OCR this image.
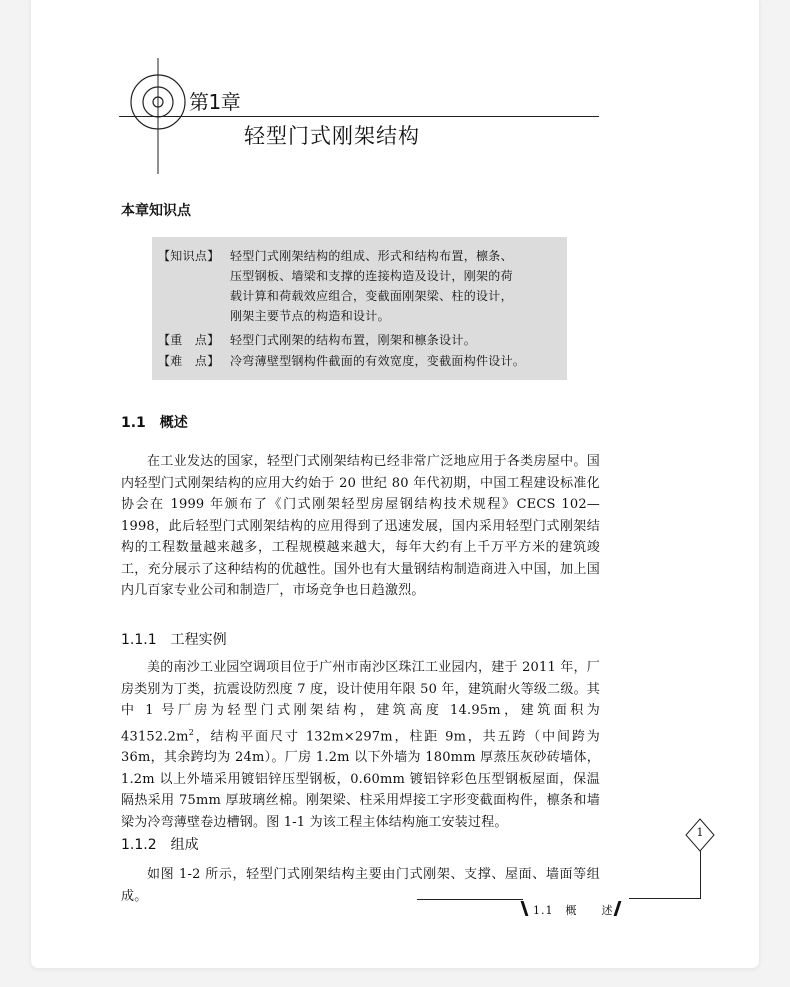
第1章
轻型门式刚架结构
本章知识点
【知识点】 轻型门式刚架结构的组成、形式和结构布置，檩条、
压型钢板、墙梁和支撑的连接构造及设计，刚架的荷
载计算和荷载效应组合，变截面刚架梁、柱的设计，
刚架主要节点的构造和设计。
【重　点】 轻型门式刚架的结构布置，刚架和檩条设计。
【难　点】 冷弯薄壁型钢构件截面的有效宽度，变截面构件设计。
1.1　概述

在工业发达的国家，轻型门式刚架结构已经非常广泛地应用于各类房屋中。国内轻型门式刚架结构的应用大约始于 20 世纪 80 年代初期，中国工程建设标准化协会在 1999 年颁布了《门式刚架轻型房屋钢结构技术规程》CECS 102—1998，此后轻型门式刚架结构的应用得到了迅速发展，国内采用轻型门式刚架结构的工程数量越来越多，工程规模越来越大，每年大约有上千万平方米的建筑竣工，充分展示了这种结构的优越性。国外也有大量钢结构制造商进入中国，加上国内几百家专业公司和制造厂，市场竞争也日趋激烈。

1.1.1　工程实例

美的南沙工业园空调项目位于广州市南沙区珠江工业园内，建于 2011 年，厂房类别为丁类，抗震设防烈度 7 度，设计使用年限 50 年，建筑耐火等级二级。其中 1 号厂房为轻型门式刚架结构，建筑高度 14.95m，建筑面积为 $43152.2m^2$，结构平面尺寸 132m×297m，柱距 9m，共五跨（中间跨为 36m，其余跨均为 24m）。厂房 1.2m 以下外墙为 180mm 厚蒸压灰砂砖墙体，1.2m 以上外墙采用镀铝锌压型钢板，0.60mm 镀铝锌彩色压型钢板屋面，保温隔热采用 75mm 厚玻璃丝棉。刚架梁、柱采用焊接工字形变截面构件，檩条和墙梁为冷弯薄壁卷边槽钢。图 1-1 为该工程主体结构施工安装过程。

1.1.2　组成

如图 1-2 所示，轻型门式刚架结构主要由门式刚架、支撑、屋面、墙面等组成。

1
1.1　概　　述
